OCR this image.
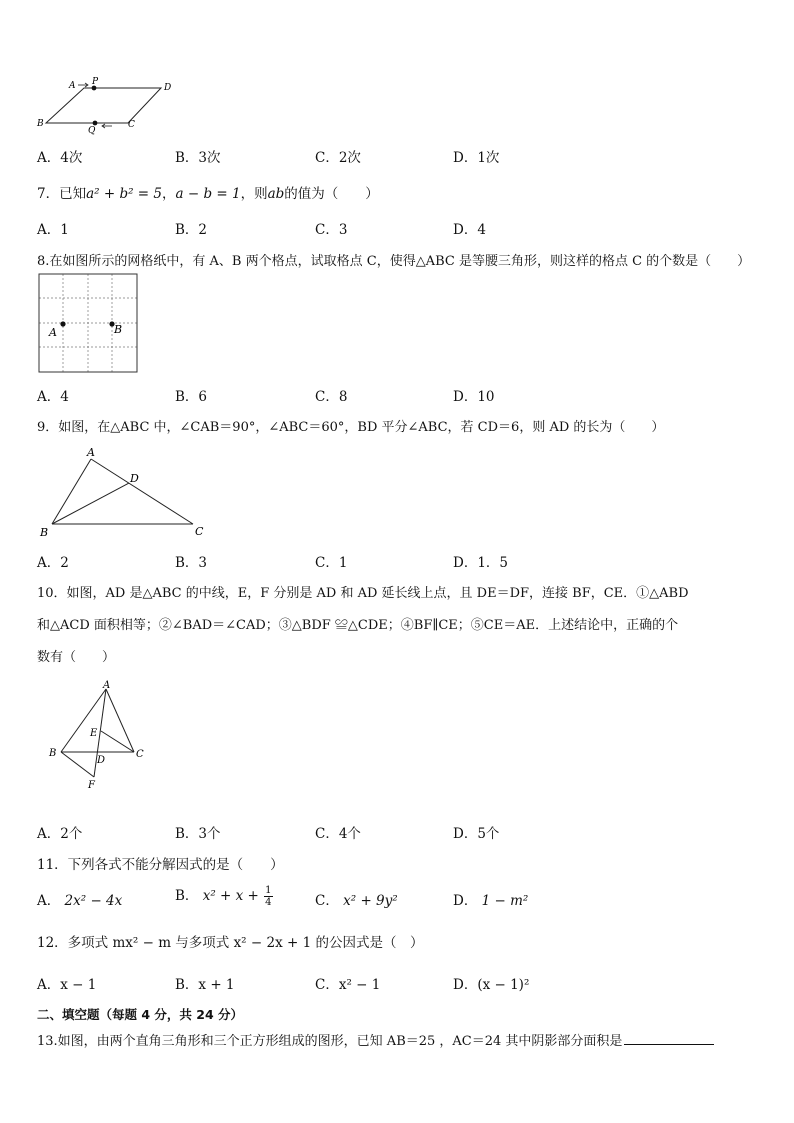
A P
D
B
Q
C
A．4次	B．3次	C．2次	D．1次
7．已知a² + b² = 5，a − b = 1，则ab的值为（　　）
A．1	B．2	C．3	D．4
8.在如图所示的网格纸中，有 A、B 两个格点，试取格点 C，使得△ABC 是等腰三角形，则这样的格点 C 的个数是（　　）
A	B
A．4	B．6	C．8	D．10
9．如图，在△ABC 中，∠CAB＝90°，∠ABC＝60°，BD 平分∠ABC，若 CD＝6，则 AD 的长为（　　）
A
B	C
D
A．2	B．3	C．1	D．1．5
10．如图，AD 是△ABC 的中线，E，F 分别是 AD 和 AD 延长线上点，且 DE＝DF，连接 BF，CE．①△ABD
和△ACD 面积相等；②∠BAD＝∠CAD；③△BDF ≌△CDE；④BF∥CE；⑤CE＝AE．上述结论中，正确的个
数有（　　）
A
E
B
D
C
F
A．2个	B．3个	C．4个	D．5个
11．下列各式不能分解因式的是（　　）
A． 2x² − 4x	B． $x^2 + x + \frac{1}{4}$	C． x² + 9y²	D． 1 − m²
12．多项式 mx² − m 与多项式 x² − 2x + 1 的公因式是（　）
A．x − 1	B．x + 1	C．x² − 1	D．(x − 1)²
二、填空题（每题 4 分，共 24 分）
13.如图，由两个直角三角形和三个正方形组成的图形，已知 AB＝25 ，AC＝24 其中阴影部分面积是
